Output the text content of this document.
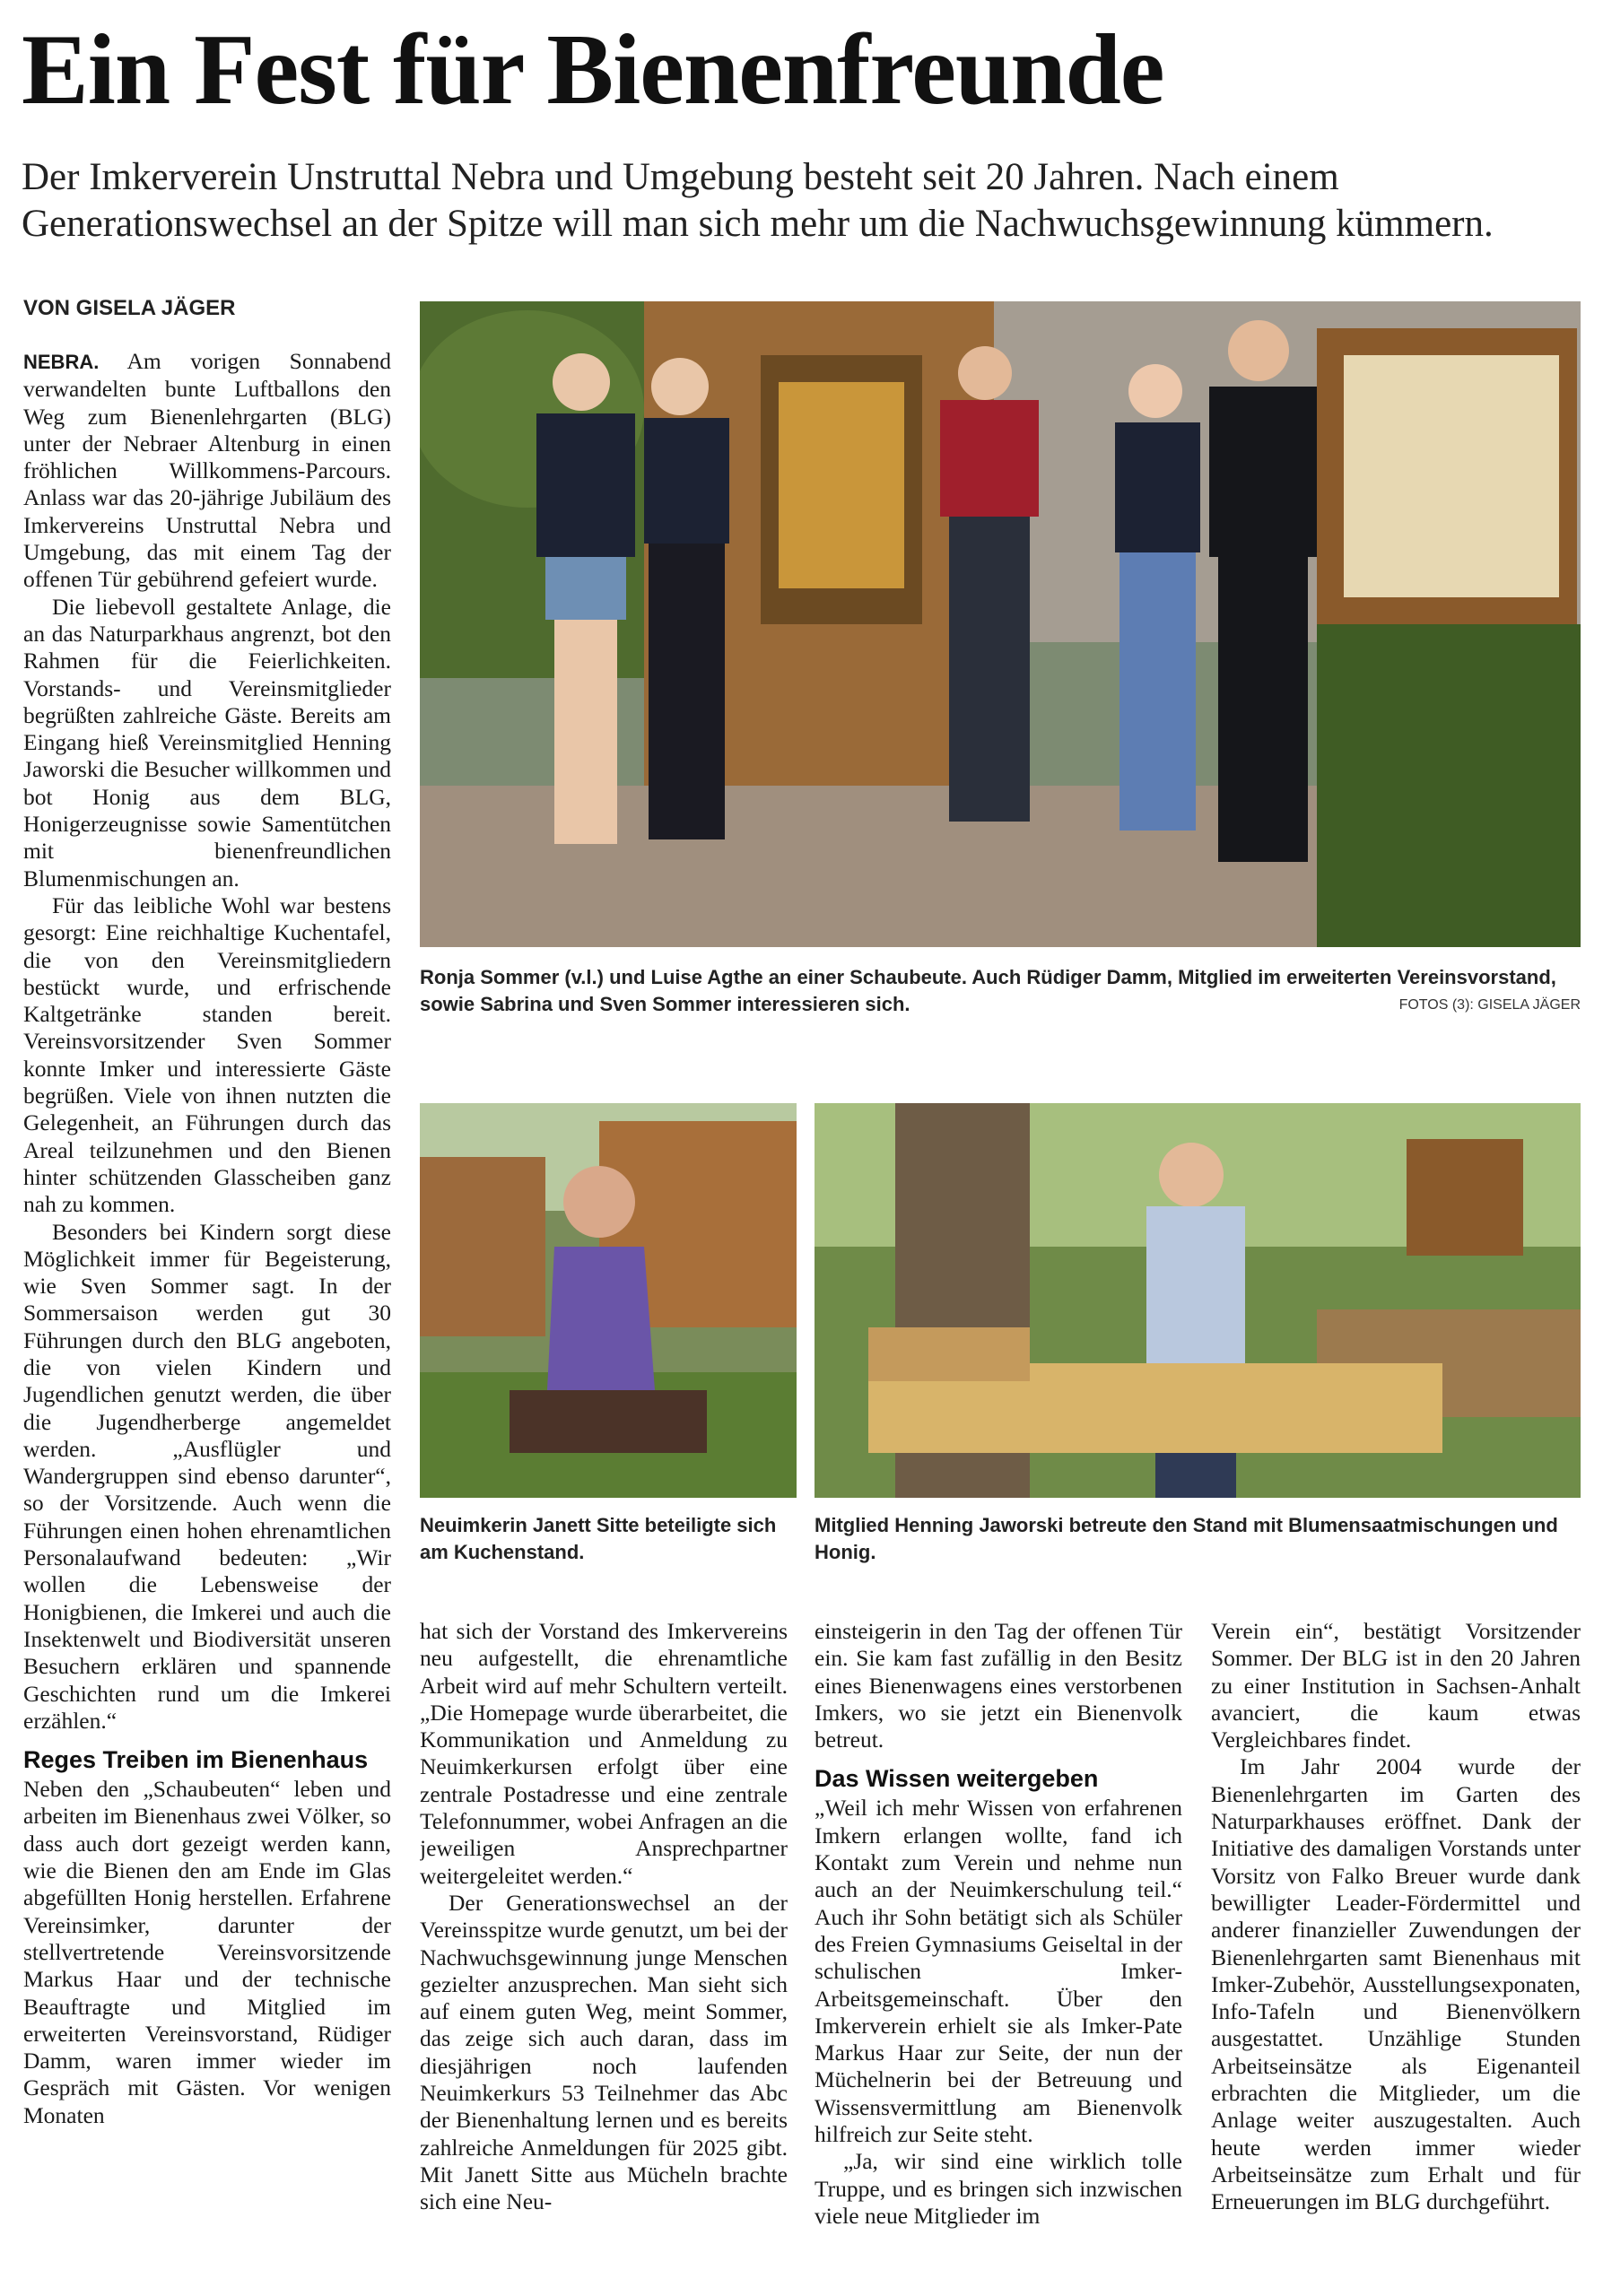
Ein Fest für Bienenfreunde

Der Imkerverein Unstruttal Nebra und Umgebung besteht seit 20 Jahren. Nach einem Generationswechsel an der Spitze will man sich mehr um die Nachwuchsgewinnung kümmern.

VON GISELA JÄGER

NEBRA. Am vorigen Sonnabend verwandelten bunte Luftballons den Weg zum Bienenlehrgarten (BLG) unter der Nebraer Altenburg in einen fröhlichen Willkommens-Parcours. Anlass war das 20-jährige Jubiläum des Imkervereins Unstruttal Nebra und Umgebung, das mit einem Tag der offenen Tür gebührend gefeiert wurde.

Die liebevoll gestaltete Anlage, die an das Naturparkhaus angrenzt, bot den Rahmen für die Feierlichkeiten. Vorstands- und Vereinsmitglieder begrüßten zahlreiche Gäste. Bereits am Eingang hieß Vereinsmitglied Henning Jaworski die Besucher willkommen und bot Honig aus dem BLG, Honigerzeugnisse sowie Samentütchen mit bienenfreundlichen Blumenmischungen an.

Für das leibliche Wohl war bestens gesorgt: Eine reichhaltige Kuchentafel, die von den Vereinsmitgliedern bestückt wurde, und erfrischende Kaltgetränke standen bereit. Vereinsvorsitzender Sven Sommer konnte Imker und interessierte Gäste begrüßen. Viele von ihnen nutzten die Gelegenheit, an Führungen durch das Areal teilzunehmen und den Bienen hinter schützenden Glasscheiben ganz nah zu kommen.

Besonders bei Kindern sorgt diese Möglichkeit immer für Begeisterung, wie Sven Sommer sagt. In der Sommersaison werden gut 30 Führungen durch den BLG angeboten, die von vielen Kindern und Jugendlichen genutzt werden, die über die Jugendherberge angemeldet werden. „Ausflügler und Wandergruppen sind ebenso darunter“, so der Vorsitzende. Auch wenn die Führungen einen hohen ehrenamtlichen Personalaufwand bedeuten: „Wir wollen die Lebensweise der Honigbienen, die Imkerei und auch die Insektenwelt und Biodiversität unseren Besuchern erklären und spannende Geschichten rund um die Imkerei erzählen.“

Reges Treiben im Bienenhaus

Neben den „Schaubeuten“ leben und arbeiten im Bienenhaus zwei Völker, so dass auch dort gezeigt werden kann, wie die Bienen den am Ende im Glas abgefüllten Honig herstellen. Erfahrene Vereinsimker, darunter der stellvertretende Vereinsvorsitzende Markus Haar und der technische Beauftragte und Mitglied im erweiterten Vereinsvorstand, Rüdiger Damm, waren immer wieder im Gespräch mit Gästen. Vor wenigen Monaten

Ronja Sommer (v.l.) und Luise Agthe an einer Schaubeute. Auch Rüdiger Damm, Mitglied im erweiterten Vereinsvorstand, sowie Sabrina und Sven Sommer interessieren sich.	FOTOS (3): GISELA JÄGER
Neuimkerin Janett Sitte beteiligte sich am Kuchenstand.
Mitglied Henning Jaworski betreute den Stand mit Blumensaatmischungen und Honig.

hat sich der Vorstand des Imkervereins neu aufgestellt, die ehrenamtliche Arbeit wird auf mehr Schultern verteilt. „Die Homepage wurde überarbeitet, die Kommunikation und Anmeldung zu Neuimkerkursen erfolgt über eine zentrale Postadresse und eine zentrale Telefonnummer, wobei Anfragen an die jeweiligen Ansprechpartner weitergeleitet werden.“

Der Generationswechsel an der Vereinsspitze wurde genutzt, um bei der Nachwuchsgewinnung junge Menschen gezielter anzusprechen. Man sieht sich auf einem guten Weg, meint Sommer, das zeige sich auch daran, dass im diesjährigen noch laufenden Neuimkerkurs 53 Teilnehmer das Abc der Bienenhaltung lernen und es bereits zahlreiche Anmeldungen für 2025 gibt. Mit Janett Sitte aus Mücheln brachte sich eine Neu-

einsteigerin in den Tag der offenen Tür ein. Sie kam fast zufällig in den Besitz eines Bienenwagens eines verstorbenen Imkers, wo sie jetzt ein Bienenvolk betreut.

Das Wissen weitergeben

„Weil ich mehr Wissen von erfahrenen Imkern erlangen wollte, fand ich Kontakt zum Verein und nehme nun auch an der Neuimkerschulung teil.“ Auch ihr Sohn betätigt sich als Schüler des Freien Gymnasiums Geiseltal in der schulischen Imker-Arbeitsgemeinschaft. Über den Imkerverein erhielt sie als Imker-Pate Markus Haar zur Seite, der nun der Müchelnerin bei der Betreuung und Wissensvermittlung am Bienenvolk hilfreich zur Seite steht.

„Ja, wir sind eine wirklich tolle Truppe, und es bringen sich inzwischen viele neue Mitglieder im

Verein ein“, bestätigt Vorsitzender Sommer. Der BLG ist in den 20 Jahren zu einer Institution in Sachsen-Anhalt avanciert, die kaum etwas Vergleichbares findet.

Im Jahr 2004 wurde der Bienenlehrgarten im Garten des Naturparkhauses eröffnet. Dank der Initiative des damaligen Vorstands unter Vorsitz von Falko Breuer wurde dank bewilligter Leader-Fördermittel und anderer finanzieller Zuwendungen der Bienenlehrgarten samt Bienenhaus mit Imker-Zubehör, Ausstellungsexponaten, Info-Tafeln und Bienenvölkern ausgestattet. Unzählige Stunden Arbeitseinsätze als Eigenanteil erbrachten die Mitglieder, um die Anlage weiter auszugestalten. Auch heute werden immer wieder Arbeitseinsätze zum Erhalt und für Erneuerungen im BLG durchgeführt.
